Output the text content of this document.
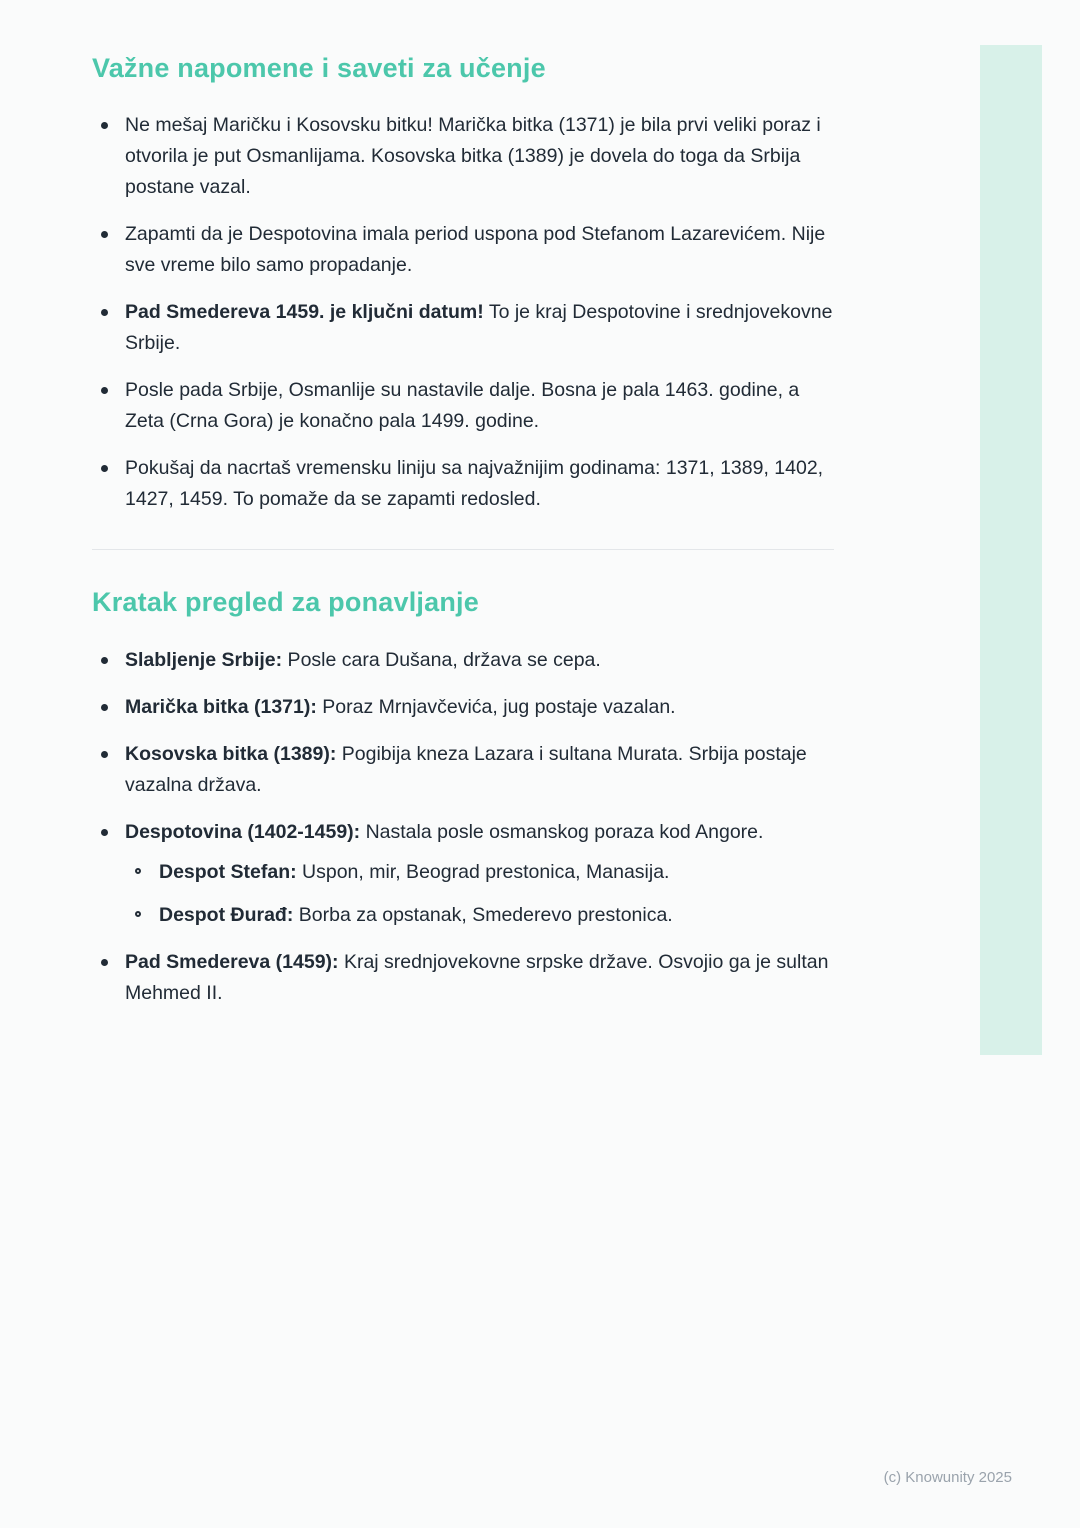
Važne napomene i saveti za učenje
Ne mešaj Maričku i Kosovsku bitku! Marička bitka (1371) je bila prvi veliki poraz i otvorila je put Osmanlijama. Kosovska bitka (1389) je dovela do toga da Srbija postane vazal.
Zapamti da je Despotovina imala period uspona pod Stefanom Lazarevićem. Nije sve vreme bilo samo propadanje.
Pad Smedereva 1459. je ključni datum! To je kraj Despotovine i srednjovekovne Srbije.
Posle pada Srbije, Osmanlije su nastavile dalje. Bosna je pala 1463. godine, a Zeta (Crna Gora) je konačno pala 1499. godine.
Pokušaj da nacrtaš vremensku liniju sa najvažnijim godinama: 1371, 1389, 1402, 1427, 1459. To pomaže da se zapamti redosled.
Kratak pregled za ponavljanje
Slabljenje Srbije: Posle cara Dušana, država se cepa.
Marička bitka (1371): Poraz Mrnjavčevića, jug postaje vazalan.
Kosovska bitka (1389): Pogibija kneza Lazara i sultana Murata. Srbija postaje vazalna država.
Despotovina (1402-1459): Nastala posle osmanskog poraza kod Angore.
Despot Stefan: Uspon, mir, Beograd prestonica, Manasija.
Despot Đurađ: Borba za opstanak, Smederevo prestonica.
Pad Smedereva (1459): Kraj srednjovekovne srpske države. Osvojio ga je sultan Mehmed II.
(c) Knowunity 2025
